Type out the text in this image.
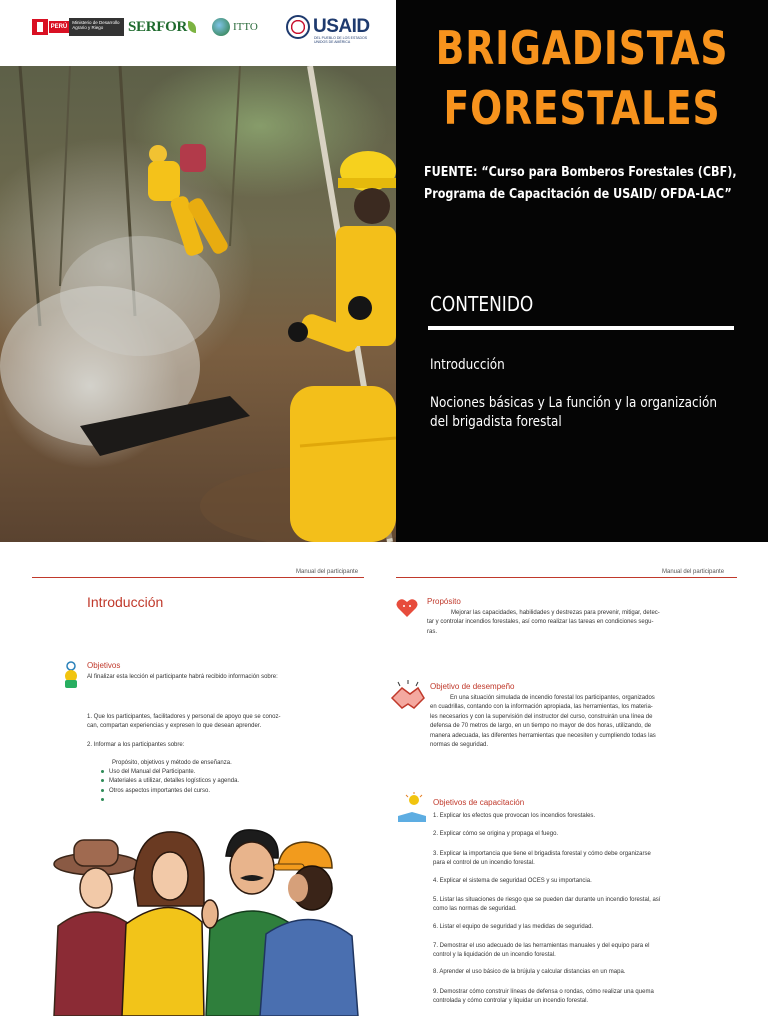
PERÚ
Ministerio de Desarrollo Agrario y Riego	SERFOR	ITTO	USAID
DEL PUEBLO DE LOS ESTADOS UNIDOS DE AMÉRICA	BRIGADISTAS
FORESTALES
FUENTE: “Curso para Bomberos Forestales (CBF),
Programa de Capacitación de USAID/ OFDA-LAC”
CONTENIDO
Introducción
Nociones básicas y La función y la organización
del brigadista forestal
Manual del participante
Introducción
Objetivos
Al finalizar esta lección el participante habrá recibido información sobre:
1. Que los participantes, facilitadores y personal de apoyo que se conoz-
can, compartan experiencias y expresen lo que desean aprender.
2. Informar a los participantes sobre:
Propósito, objetivos y método de enseñanza.
Uso del Manual del Participante.
Materiales a utilizar, detalles logísticos y agenda.
Otros aspectos importantes del curso.
Manual del participante
Propósito
Mejorar las capacidades, habilidades y destrezas para prevenir, mitigar, detec-
tar y controlar incendios forestales, así como realizar las tareas en condiciones segu-
ras.
Objetivo de desempeño
En una situación simulada de incendio forestal los participantes, organizados
en cuadrillas, contando con la información apropiada, las herramientas, los materia-
les necesarios y con la supervisión del instructor del curso, construirán una línea de
defensa de 70 metros de largo, en un tiempo no mayor de dos horas, utilizando, de
manera adecuada, las diferentes herramientas que necesiten y cumpliendo todas las
normas de seguridad.
Objetivos de capacitación
1. Explicar los efectos que provocan los incendios forestales.
2. Explicar cómo se origina y propaga el fuego.
3. Explicar la importancia que tiene el brigadista forestal y cómo debe organizarse
para el control de un incendio forestal.
4. Explicar el sistema de seguridad OCES y su importancia.
5. Listar las situaciones de riesgo que se pueden dar durante un incendio forestal, así
como las normas de seguridad.
6. Listar el equipo de seguridad y las medidas de seguridad.
7. Demostrar el uso adecuado de las herramientas manuales y del equipo para el
control y la liquidación de un incendio forestal.
8. Aprender el uso básico de la brújula y calcular distancias en un mapa.
9. Demostrar cómo construir líneas de defensa o rondas, cómo realizar una quema
controlada y cómo controlar y liquidar un incendio forestal.
